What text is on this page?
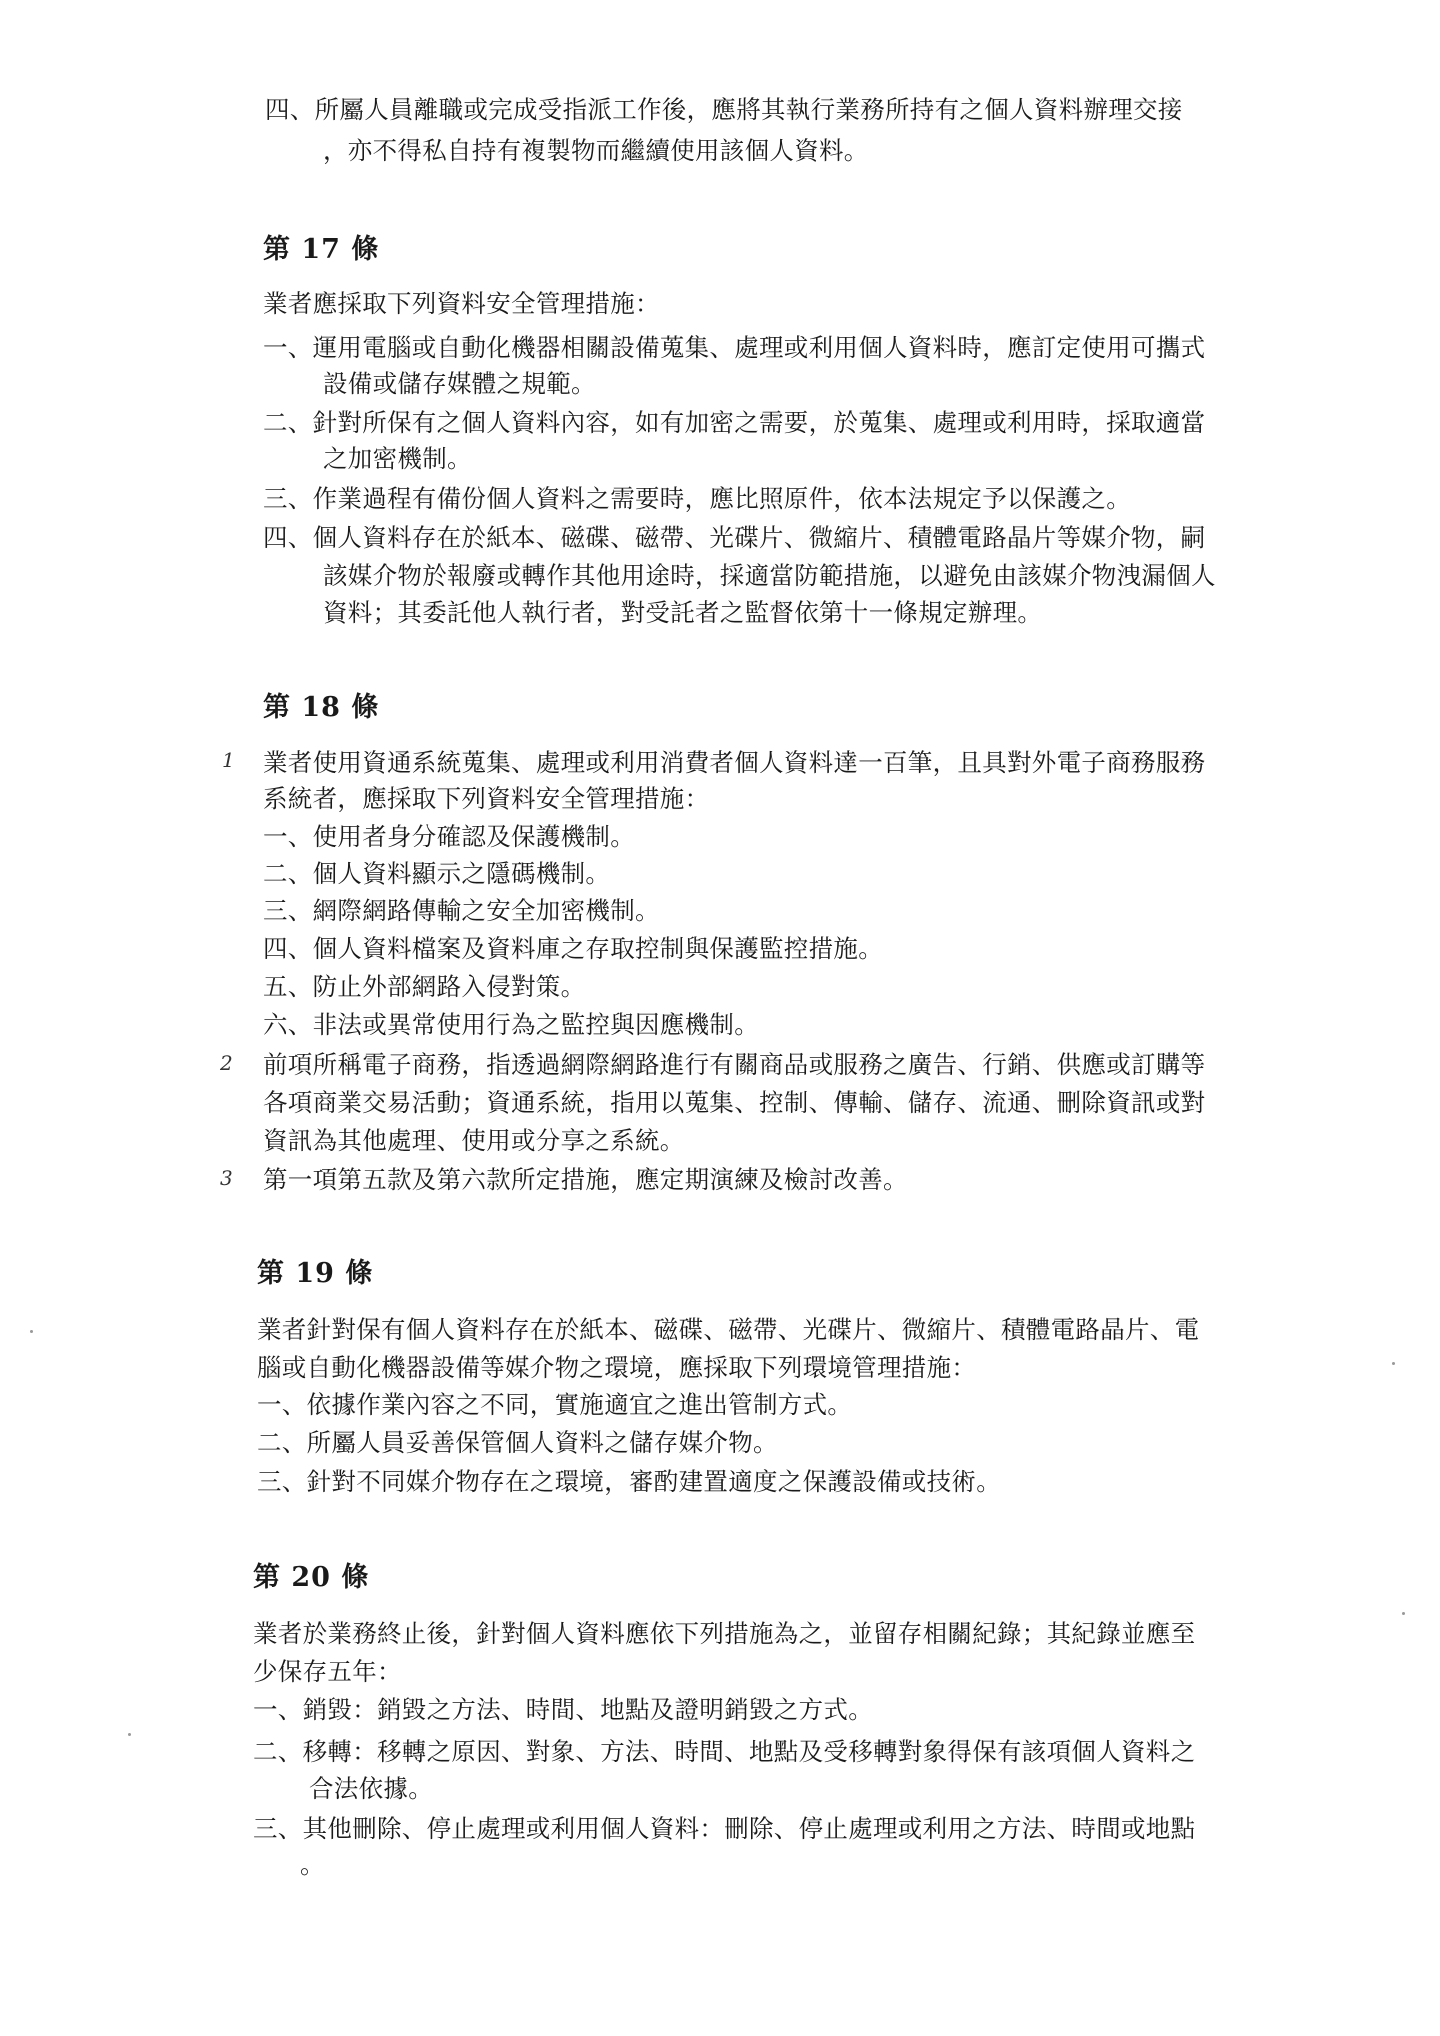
四、所屬人員離職或完成受指派工作後，應將其執行業務所持有之個人資料辦理交接
，亦不得私自持有複製物而繼續使用該個人資料。
第 17 條
業者應採取下列資料安全管理措施：
一、運用電腦或自動化機器相關設備蒐集、處理或利用個人資料時，應訂定使用可攜式
設備或儲存媒體之規範。
二、針對所保有之個人資料內容，如有加密之需要，於蒐集、處理或利用時，採取適當
之加密機制。
三、作業過程有備份個人資料之需要時，應比照原件，依本法規定予以保護之。
四、個人資料存在於紙本、磁碟、磁帶、光碟片、微縮片、積體電路晶片等媒介物，嗣
該媒介物於報廢或轉作其他用途時，採適當防範措施，以避免由該媒介物洩漏個人
資料；其委託他人執行者，對受託者之監督依第十一條規定辦理。
第 18 條
1 業者使用資通系統蒐集、處理或利用消費者個人資料達一百筆，且具對外電子商務服務
系統者，應採取下列資料安全管理措施：
一、使用者身分確認及保護機制。
二、個人資料顯示之隱碼機制。
三、網際網路傳輸之安全加密機制。
四、個人資料檔案及資料庫之存取控制與保護監控措施。
五、防止外部網路入侵對策。
六、非法或異常使用行為之監控與因應機制。
2 前項所稱電子商務，指透過網際網路進行有關商品或服務之廣告、行銷、供應或訂購等
各項商業交易活動；資通系統，指用以蒐集、控制、傳輸、儲存、流通、刪除資訊或對
資訊為其他處理、使用或分享之系統。
3 第一項第五款及第六款所定措施，應定期演練及檢討改善。
第 19 條
業者針對保有個人資料存在於紙本、磁碟、磁帶、光碟片、微縮片、積體電路晶片、電
腦或自動化機器設備等媒介物之環境，應採取下列環境管理措施：
一、依據作業內容之不同，實施適宜之進出管制方式。
二、所屬人員妥善保管個人資料之儲存媒介物。
三、針對不同媒介物存在之環境，審酌建置適度之保護設備或技術。
第 20 條
業者於業務終止後，針對個人資料應依下列措施為之，並留存相關紀錄；其紀錄並應至
少保存五年：
一、銷毀：銷毀之方法、時間、地點及證明銷毀之方式。
二、移轉：移轉之原因、對象、方法、時間、地點及受移轉對象得保有該項個人資料之
合法依據。
三、其他刪除、停止處理或利用個人資料：刪除、停止處理或利用之方法、時間或地點
。
